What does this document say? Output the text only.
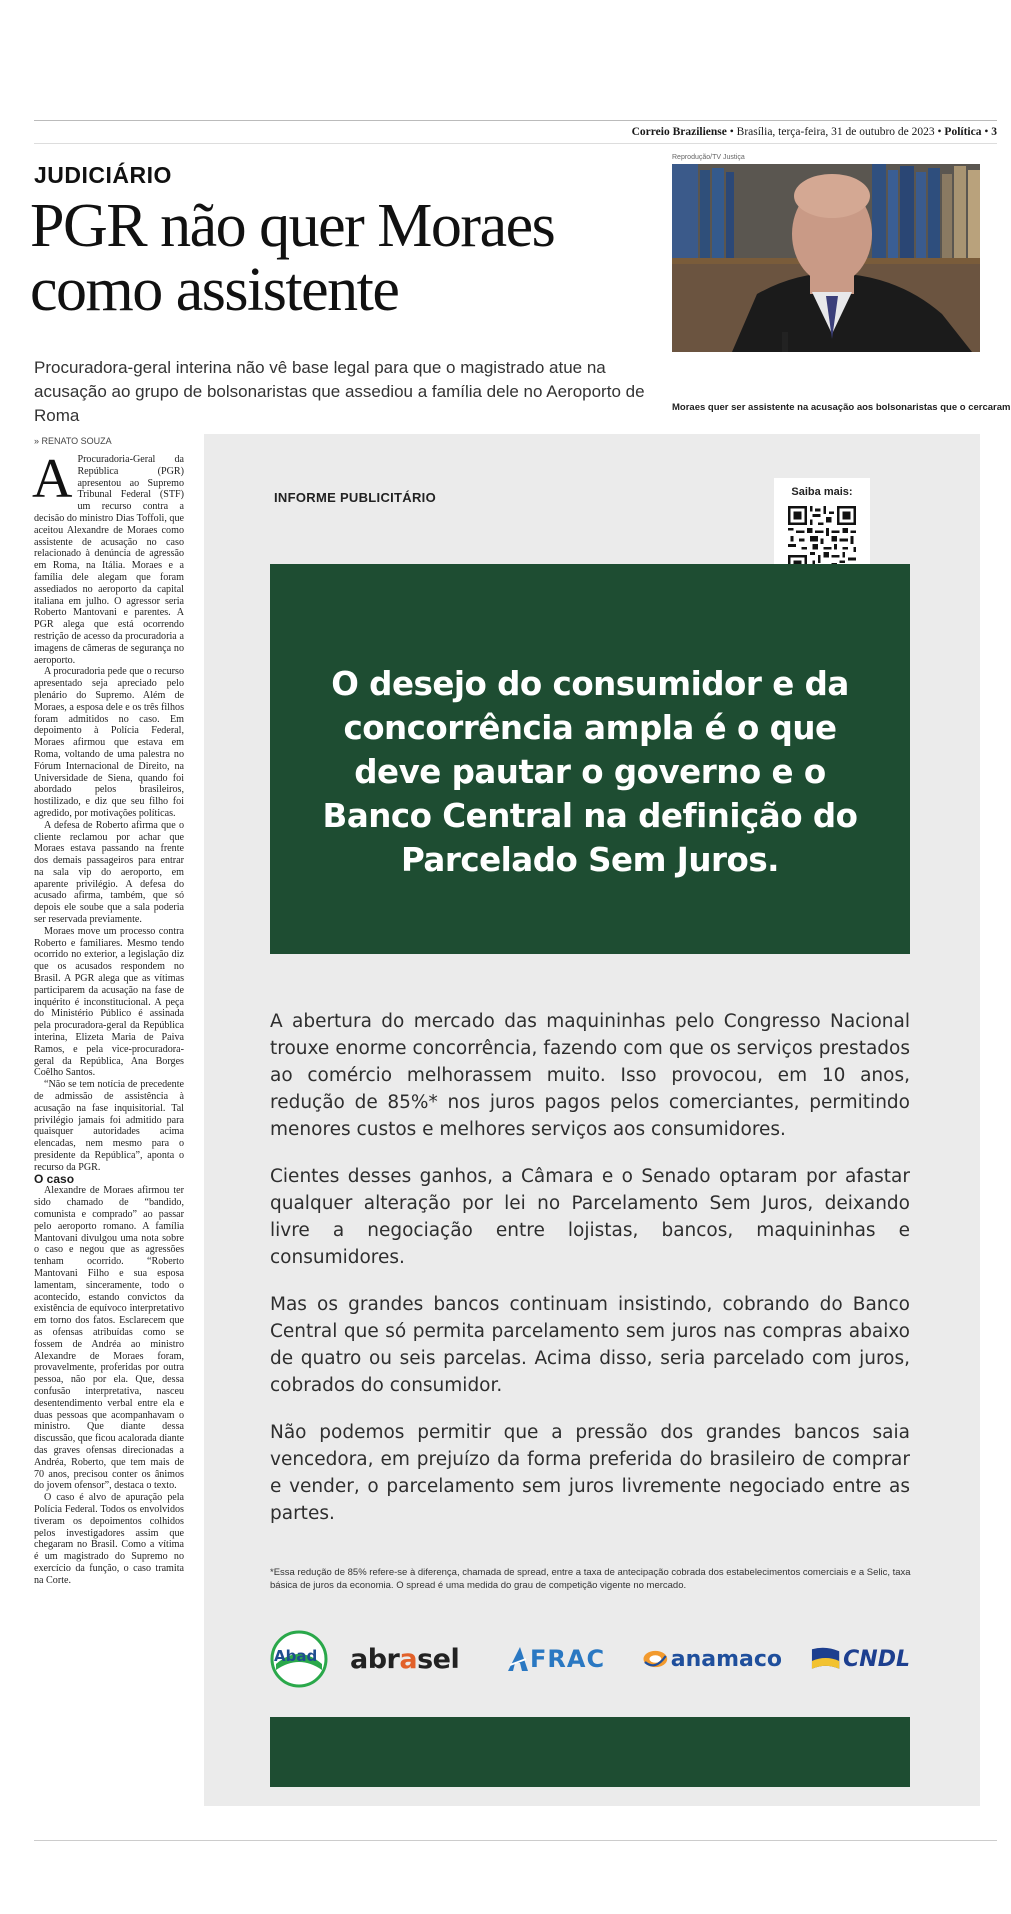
Correio Braziliense • Brasília, terça-feira, 31 de outubro de 2023 • Política • 3
JUDICIÁRIO
PGR não quer Moraes como assistente
Procuradora-geral interina não vê base legal para que o magistrado atue na acusação ao grupo de bolsonaristas que assediou a família dele no Aeroporto de Roma
Reprodução/TV Justiça
Moraes quer ser assistente na acusação aos bolsonaristas que o cercaram
» RENATO SOUZA

A Procuradoria-Geral da República (PGR) apresentou ao Supremo Tribunal Federal (STF) um recurso contra a decisão do ministro Dias Toffoli, que aceitou Alexandre de Moraes como assistente de acusação no caso relacionado à denúncia de agressão em Roma, na Itália. Moraes e a família dele alegam que foram assediados no aeroporto da capital italiana em julho. O agressor seria Roberto Mantovani e parentes. A PGR alega que está ocorrendo restrição de acesso da procuradoria a imagens de câmeras de segurança no aeroporto.

A procuradoria pede que o recurso apresentado seja apreciado pelo plenário do Supremo. Além de Moraes, a esposa dele e os três filhos foram admitidos no caso. Em depoimento à Polícia Federal, Moraes afirmou que estava em Roma, voltando de uma palestra no Fórum Internacional de Direito, na Universidade de Siena, quando foi abordado pelos brasileiros, hostilizado, e diz que seu filho foi agredido, por motivações políticas.

A defesa de Roberto afirma que o cliente reclamou por achar que Moraes estava passando na frente dos demais passageiros para entrar na sala vip do aeroporto, em aparente privilégio. A defesa do acusado afirma, também, que só depois ele soube que a sala poderia ser reservada previamente.

Moraes move um processo contra Roberto e familiares. Mesmo tendo ocorrido no exterior, a legislação diz que os acusados respondem no Brasil. A PGR alega que as vítimas participarem da acusação na fase de inquérito é inconstitucional. A peça do Ministério Público é assinada pela procuradora-geral da República interina, Elizeta Maria de Paiva Ramos, e pela vice-procuradora-geral da República, Ana Borges Coêlho Santos.

“Não se tem notícia de precedente de admissão de assistência à acusação na fase inquisitorial. Tal privilégio jamais foi admitido para quaisquer autoridades acima elencadas, nem mesmo para o presidente da República”, aponta o recurso da PGR.

O caso

Alexandre de Moraes afirmou ter sido chamado de “bandido, comunista e comprado” ao passar pelo aeroporto romano. A família Mantovani divulgou uma nota sobre o caso e negou que as agressões tenham ocorrido. “Roberto Mantovani Filho e sua esposa lamentam, sinceramente, todo o acontecido, estando convictos da existência de equívoco interpretativo em torno dos fatos. Esclarecem que as ofensas atribuídas como se fossem de Andréa ao ministro Alexandre de Moraes foram, provavelmente, proferidas por outra pessoa, não por ela. Que, dessa confusão interpretativa, nasceu desentendimento verbal entre ela e duas pessoas que acompanhavam o ministro. Que diante dessa discussão, que ficou acalorada diante das graves ofensas direcionadas a Andréa, Roberto, que tem mais de 70 anos, precisou conter os ânimos do jovem ofensor”, destaca o texto.

O caso é alvo de apuração pela Polícia Federal. Todos os envolvidos tiveram os depoimentos colhidos pelos investigadores assim que chegaram no Brasil. Como a vítima é um magistrado do Supremo no exercício da função, o caso tramita na Corte.

INFORME PUBLICITÁRIO	Saiba mais:
O desejo do consumidor e da concorrência ampla é o que deve pautar o governo e o Banco Central na definição do Parcelado Sem Juros.

A abertura do mercado das maquininhas pelo Congresso Nacional trouxe enorme concorrência, fazendo com que os serviços prestados ao comércio melhorassem muito. Isso provocou, em 10 anos, redução de 85%* nos juros pagos pelos comerciantes, permitindo menores custos e melhores serviços aos consumidores.

Cientes desses ganhos, a Câmara e o Senado optaram por afastar qualquer alteração por lei no Parcelamento Sem Juros, deixando livre a negociação entre lojistas, bancos, maquininhas e consumidores.

Mas os grandes bancos continuam insistindo, cobrando do Banco Central que só permita parcelamento sem juros nas compras abaixo de quatro ou seis parcelas. Acima disso, seria parcelado com juros, cobrados do consumidor.

Não podemos permitir que a pressão dos grandes bancos saia vencedora, em prejuízo da forma preferida do brasileiro de comprar e vender, o parcelamento sem juros livremente negociado entre as partes.

*Essa redução de 85% refere-se à diferença, chamada de spread, entre a taxa de antecipação cobrada dos estabelecimentos comerciais e a Selic, taxa básica de juros da economia. O spread é uma medida do grau de competição vigente no mercado.
Abad abrasel	FRAC	anamaco	CNDL
